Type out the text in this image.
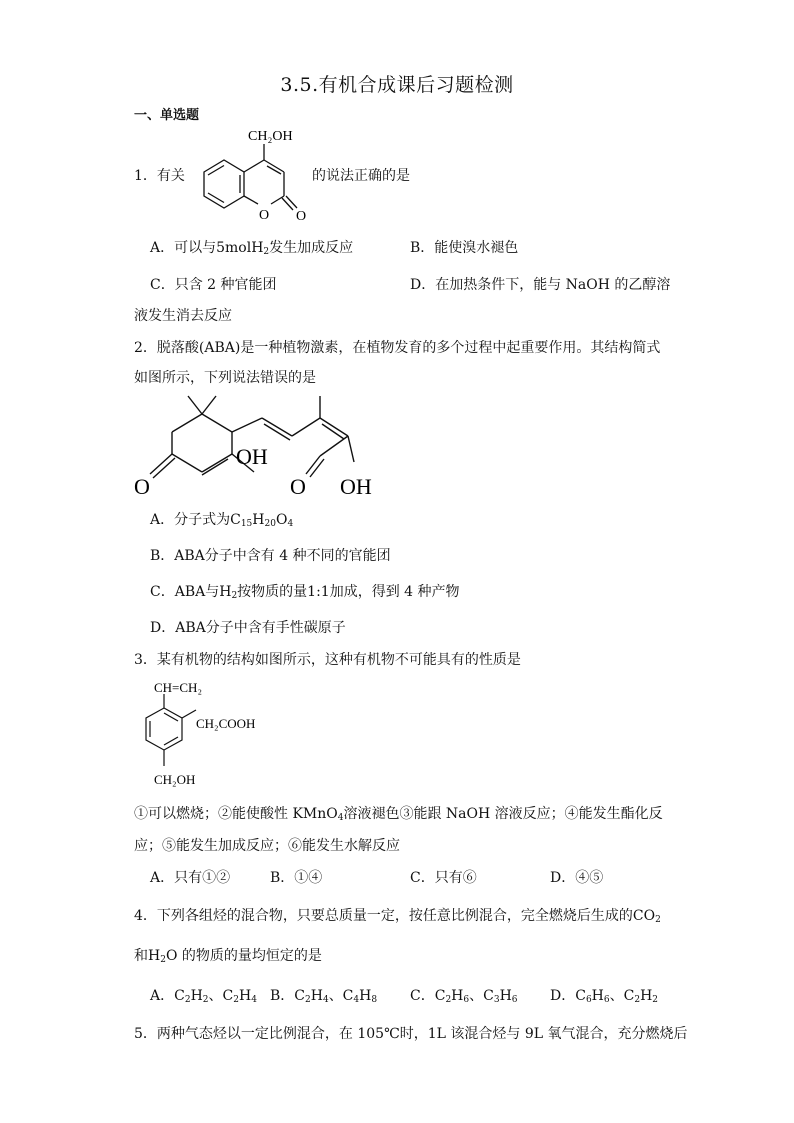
3.5.有机合成课后习题检测
一、单选题
1．有关
CH₂OH
O O
的说法正确的是
A．可以与5molH$_2$发生加成反应	B．能使溴水褪色
C．只含 2 种官能团	D．在加热条件下，能与 NaOH 的乙醇溶
液发生消去反应
2．脱落酸(ABA)是一种植物激素，在植物发育的多个过程中起重要作用。其结构简式
如图所示，下列说法错误的是
O
OH
O OH
A．分子式为$C_{15}H_{20}O_4$
B．ABA分子中含有 4 种不同的官能团
C．ABA与$H_2$按物质的量1:1加成，得到 4 种产物
D．ABA分子中含有手性碳原子
3．某有机物的结构如图所示，这种有机物不可能具有的性质是
CH=CH₂
CH₂COOH
CH₂OH
①可以燃烧；②能使酸性 KMnO$_4$溶液褪色③能跟 NaOH 溶液反应；④能发生酯化反
应；⑤能发生加成反应；⑥能发生水解反应
A．只有①②	B．①④	C．只有⑥	D．④⑤
4．下列各组烃的混合物，只要总质量一定，按任意比例混合，完全燃烧后生成的$CO_2$
和$H_2O$ 的物质的量均恒定的是
A．$C_2H_2$、$C_2H_4$ B．$C_2H_4$、$C_4H_8$ C．$C_2H_6$、$C_3H_6$ D．$C_6H_6$、$C_2H_2$
5．两种气态烃以一定比例混合，在 105℃时，1L 该混合烃与 9L 氧气混合，充分燃烧后
